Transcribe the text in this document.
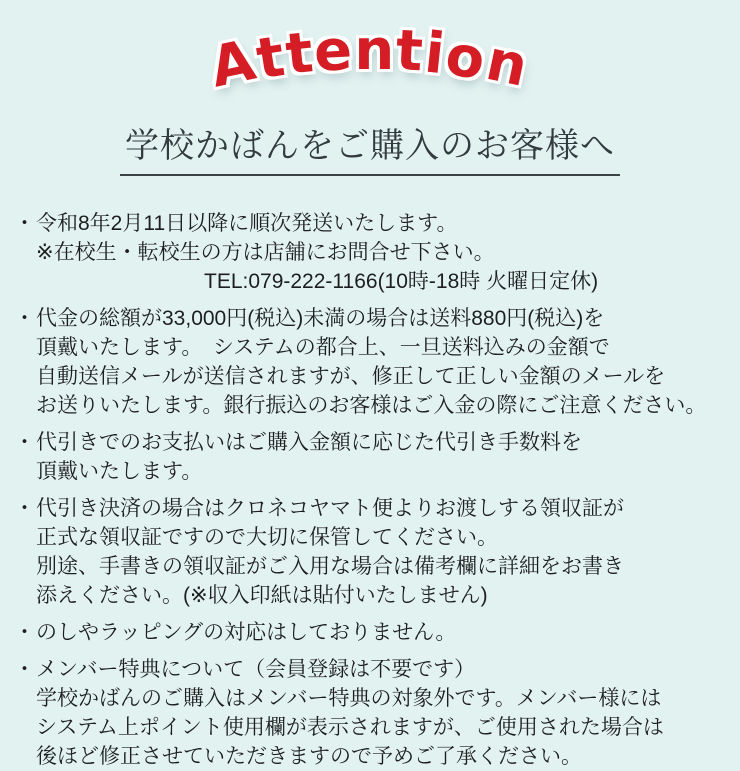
Attention
学校かばんをご購入のお客様へ
・ 令和8年2月11日以降に順次発送いたします。
※在校生・転校生の方は店舗にお問合せ下さい。
TEL:079-222-1166(10時-18時 火曜日定休)
・ 代金の総額が33,000円(税込)未満の場合は送料880円(税込)を
頂戴いたします。　システムの都合上、一旦送料込みの金額で
自動送信メールが送信されますが、修正して正しい金額のメールを
お送りいたします。銀行振込のお客様はご入金の際にご注意ください。
・ 代引きでのお支払いはご購入金額に応じた代引き手数料を
頂戴いたします。
・ 代引き決済の場合はクロネコヤマト便よりお渡しする領収証が
正式な領収証ですので大切に保管してください。
別途、手書きの領収証がご入用な場合は備考欄に詳細をお書き
添えください。(※収入印紙は貼付いたしません)
・ のしやラッピングの対応はしておりません。
・ メンバー特典について（会員登録は不要です）
学校かばんのご購入はメンバー特典の対象外です。メンバー様には
システム上ポイント使用欄が表示されますが、ご使用された場合は
後ほど修正させていただきますので予めご了承ください。
